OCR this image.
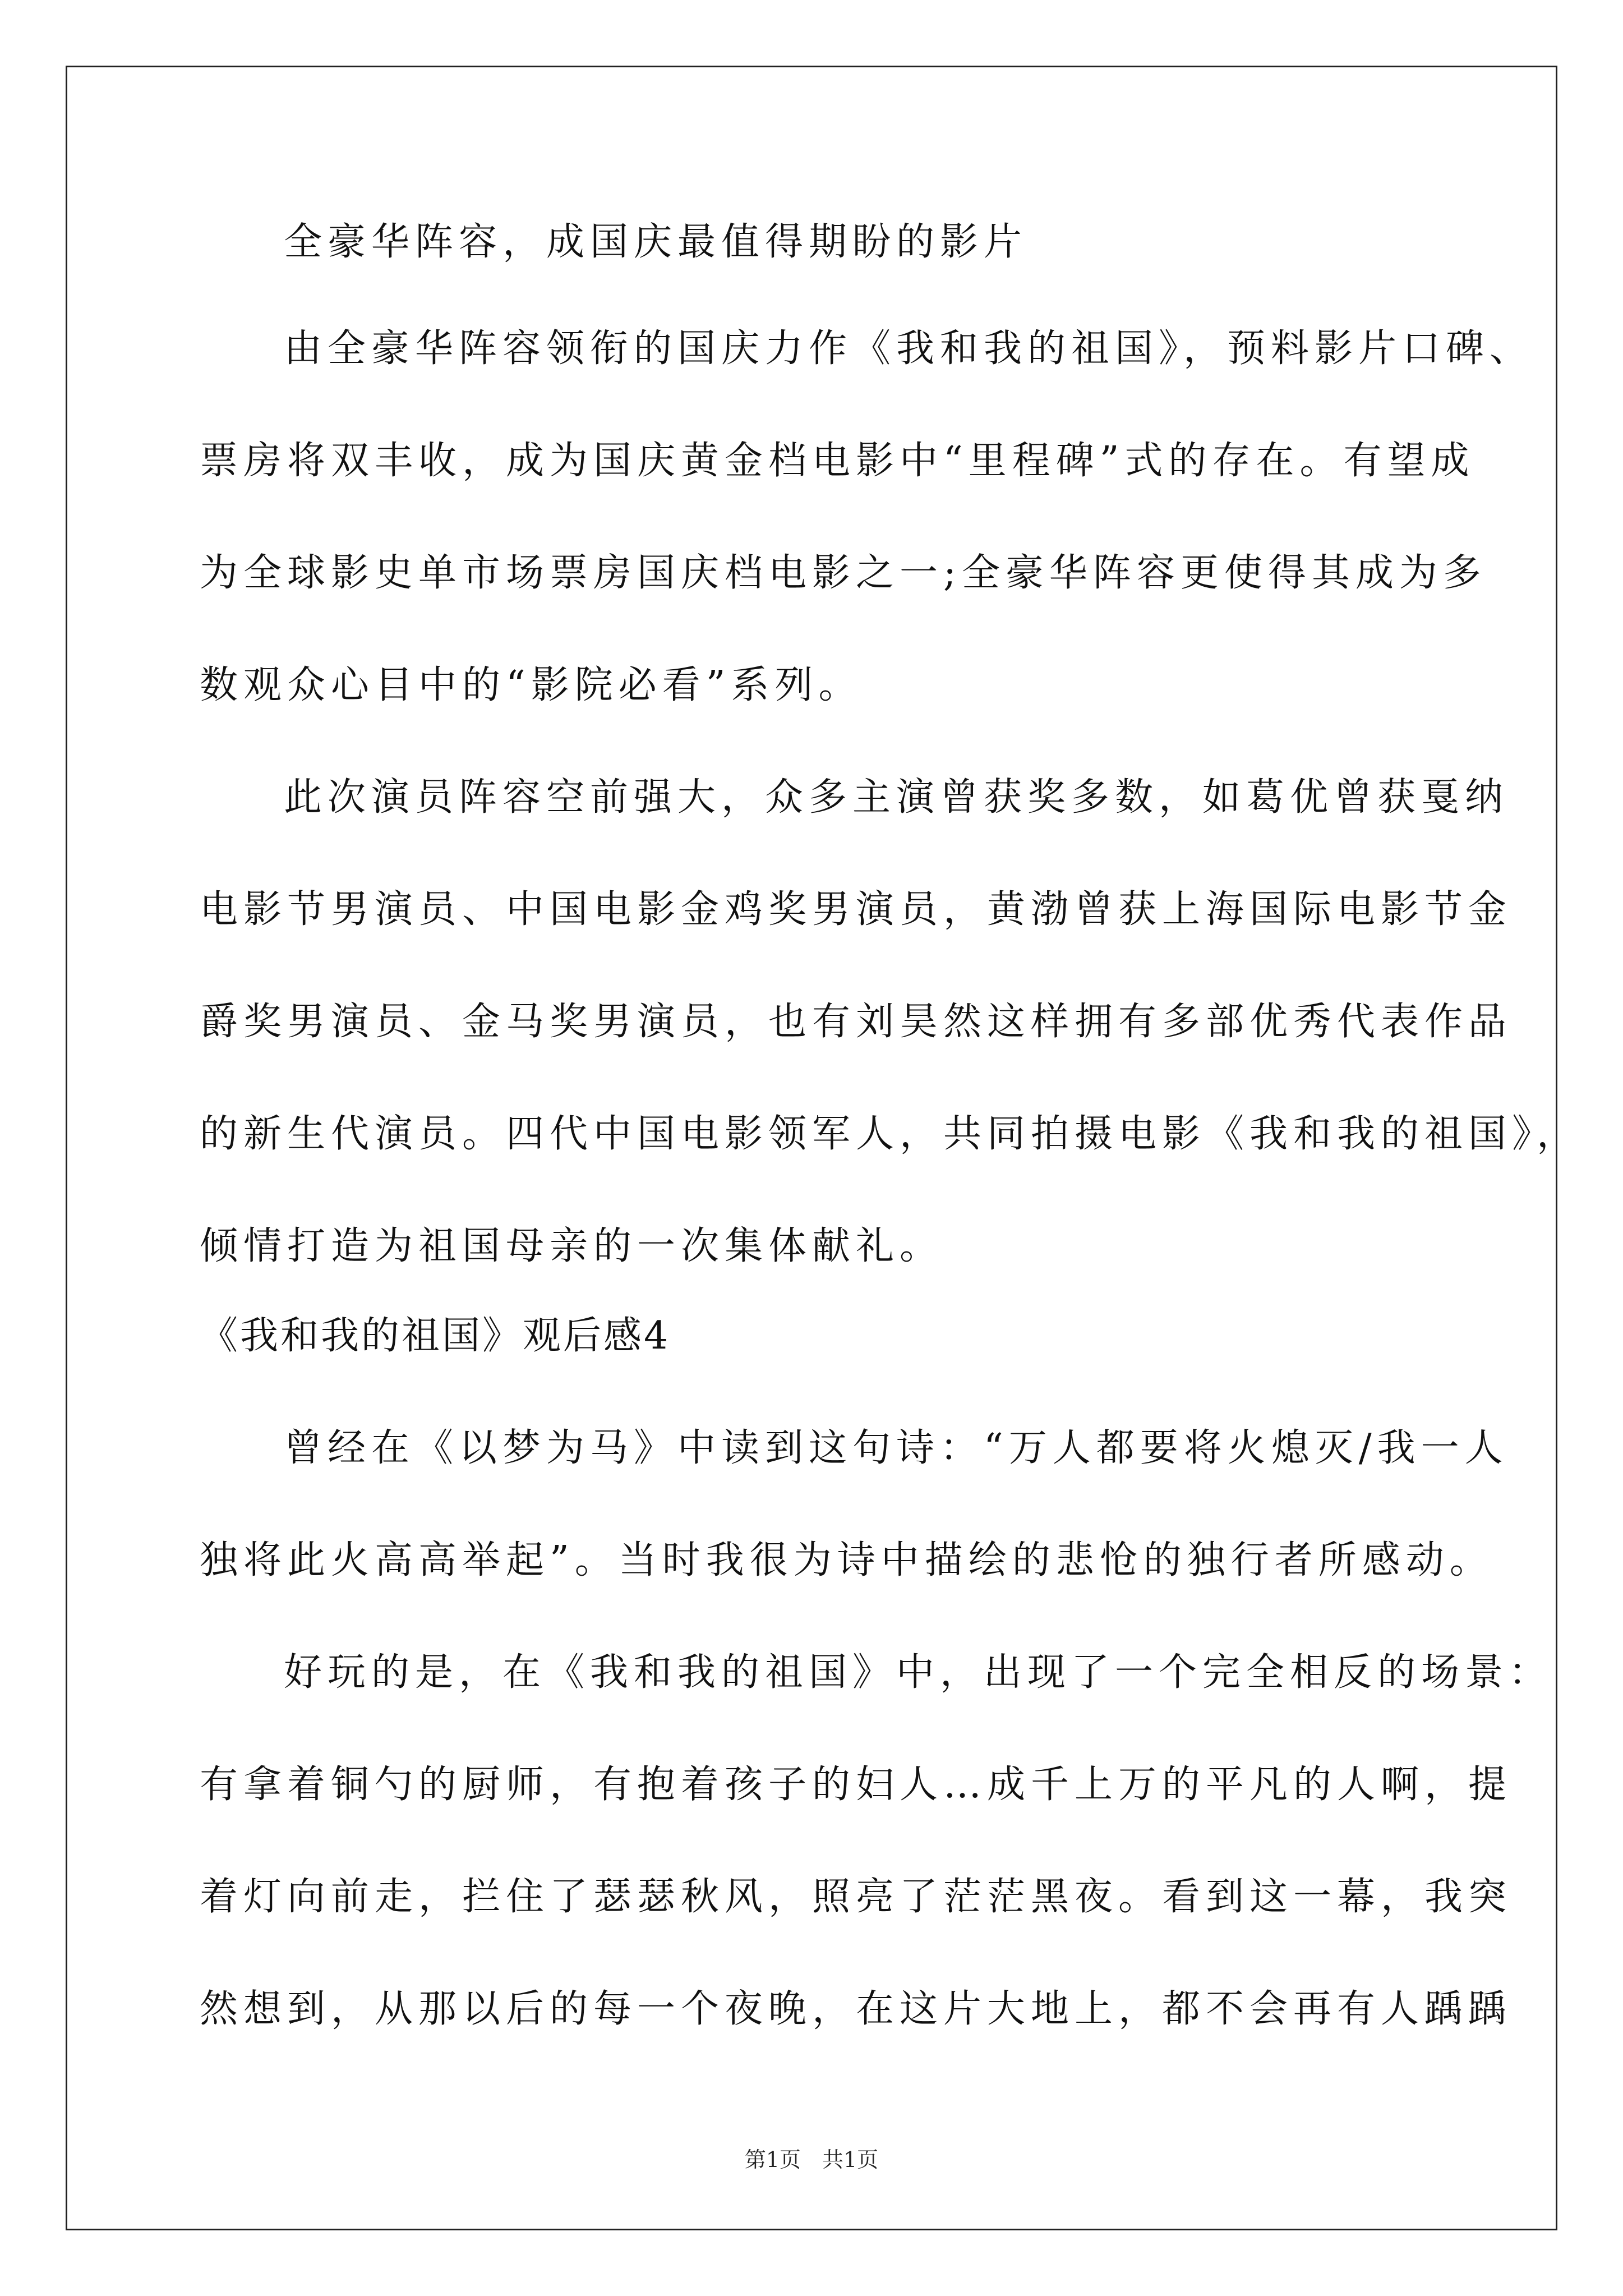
全豪华阵容，成国庆最值得期盼的影片
由全豪华阵容领衔的国庆力作《我和我的祖国》，预料影片口碑、
票房将双丰收，成为国庆黄金档电影中“里程碑”式的存在。有望成
为全球影史单市场票房国庆档电影之一;全豪华阵容更使得其成为多
数观众心目中的“影院必看”系列。
此次演员阵容空前强大，众多主演曾获奖多数，如葛优曾获戛纳
电影节男演员、中国电影金鸡奖男演员，黄渤曾获上海国际电影节金
爵奖男演员、金马奖男演员，也有刘昊然这样拥有多部优秀代表作品
的新生代演员。四代中国电影领军人，共同拍摄电影《我和我的祖国》，
倾情打造为祖国母亲的一次集体献礼。
《我和我的祖国》观后感4
曾经在《以梦为马》中读到这句诗：“万人都要将火熄灭/我一人
独将此火高高举起”。当时我很为诗中描绘的悲怆的独行者所感动。
好玩的是，在《我和我的祖国》中，出现了一个完全相反的场景：
有拿着铜勺的厨师，有抱着孩子的妇人…成千上万的平凡的人啊，提
着灯向前走，拦住了瑟瑟秋风，照亮了茫茫黑夜。看到这一幕，我突
然想到，从那以后的每一个夜晚，在这片大地上，都不会再有人踽踽
第1页　共1页
